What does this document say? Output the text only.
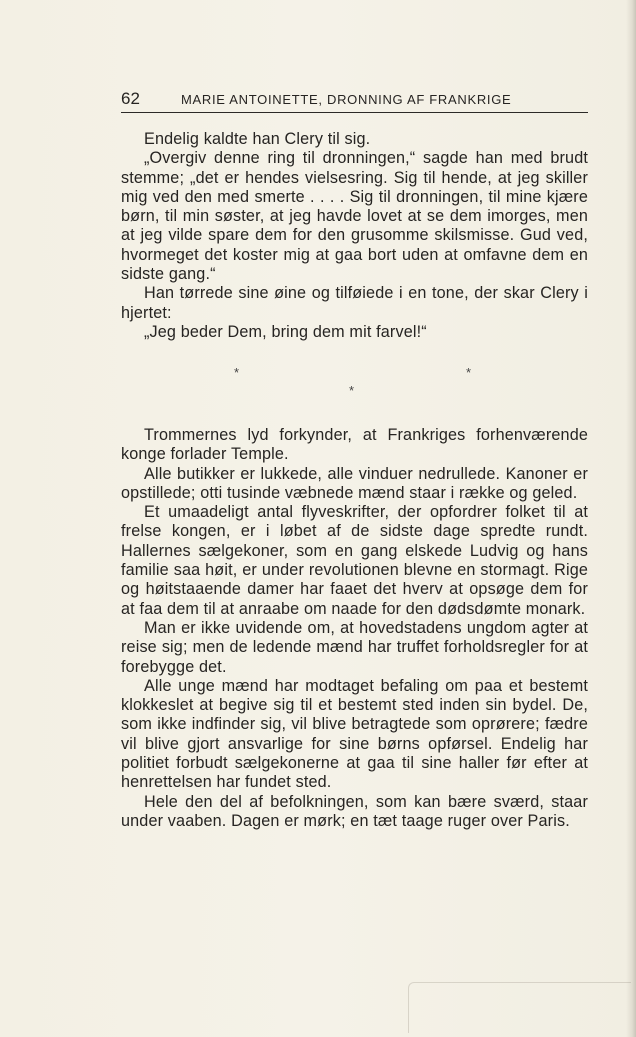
62	MARIE ANTOINETTE, DRONNING AF FRANKRIGE

Endelig kaldte han Clery til sig.

„Overgiv denne ring til dronningen,“ sagde han med brudt stemme; „det er hendes vielsesring. Sig til hende, at jeg skiller mig ved den med smerte . . . . Sig til dronningen, til mine kjære børn, til min søster, at jeg havde lovet at se dem imorges, men at jeg vilde spare dem for den grusomme skilsmisse. Gud ved, hvormeget det koster mig at gaa bort uden at omfavne dem en sidste gang.“

Han tørrede sine øine og tilføiede i en tone, der skar Clery i hjertet:

„Jeg beder Dem, bring dem mit farvel!“

*	*
*

Trommernes lyd forkynder, at Frankriges forhenværende konge forlader Temple.

Alle butikker er lukkede, alle vinduer nedrullede. Kanoner er opstillede; otti tusinde væbnede mænd staar i række og geled.

Et umaadeligt antal flyveskrifter, der opfordrer folket til at frelse kongen, er i løbet af de sidste dage spredte rundt. Hallernes sælgekoner, som en gang elskede Ludvig og hans familie saa høit, er under revolutionen blevne en stormagt. Rige og høitstaaende damer har faaet det hverv at opsøge dem for at faa dem til at anraabe om naade for den dødsdømte monark.

Man er ikke uvidende om, at hovedstadens ungdom agter at reise sig; men de ledende mænd har truffet forholdsregler for at forebygge det.

Alle unge mænd har modtaget befaling om paa et bestemt klokkeslet at begive sig til et bestemt sted inden sin bydel. De, som ikke indfinder sig, vil blive betragtede som oprørere; fædre vil blive gjort ansvarlige for sine børns opførsel. Endelig har politiet forbudt sælgekonerne at gaa til sine haller før efter at henrettelsen har fundet sted.

Hele den del af befolkningen, som kan bære sværd, staar under vaaben. Dagen er mørk; en tæt taage ruger over Paris.
